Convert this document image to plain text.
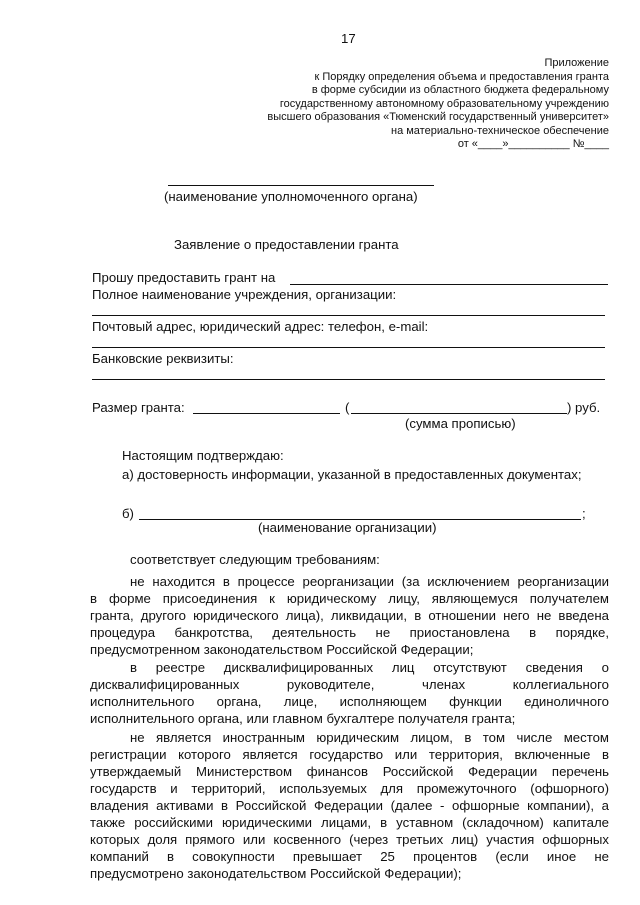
17
Приложение
к Порядку определения объема и предоставления гранта
в форме субсидии из областного бюджета федеральному
государственному автономному образовательному учреждению
высшего образования «Тюменский государственный университет»
на материально-техническое обеспечение
от «____»__________ №____
(наименование уполномоченного органа)
Заявление о предоставлении гранта
Прошу предоставить грант на
Полное наименование учреждения, организации:
Почтовый адрес, юридический адрес: телефон, e-mail:
Банковские реквизиты:
Размер гранта:	(	) руб.
(сумма прописью)
Настоящим подтверждаю:
а) достоверность информации, указанной в предоставленных документах;
б)	;
(наименование организации)
соответствует следующим требованиям:
не находится в процессе реорганизации (за исключением реорганизации
в форме присоединения к юридическому лицу, являющемуся получателем
гранта, другого юридического лица), ликвидации, в отношении него не введена
процедура банкротства, деятельность не приостановлена в порядке,
предусмотренном законодательством Российской Федерации;
в реестре дисквалифицированных лиц отсутствуют сведения о
дисквалифицированных руководителе, членах коллегиального
исполнительного органа, лице, исполняющем функции единоличного
исполнительного органа, или главном бухгалтере получателя гранта;
не является иностранным юридическим лицом, в том числе местом
регистрации которого является государство или территория, включенные в
утверждаемый Министерством финансов Российской Федерации перечень
государств и территорий, используемых для промежуточного (офшорного)
владения активами в Российской Федерации (далее - офшорные компании), а
также российскими юридическими лицами, в уставном (складочном) капитале
которых доля прямого или косвенного (через третьих лиц) участия офшорных
компаний в совокупности превышает 25 процентов (если иное не
предусмотрено законодательством Российской Федерации);
